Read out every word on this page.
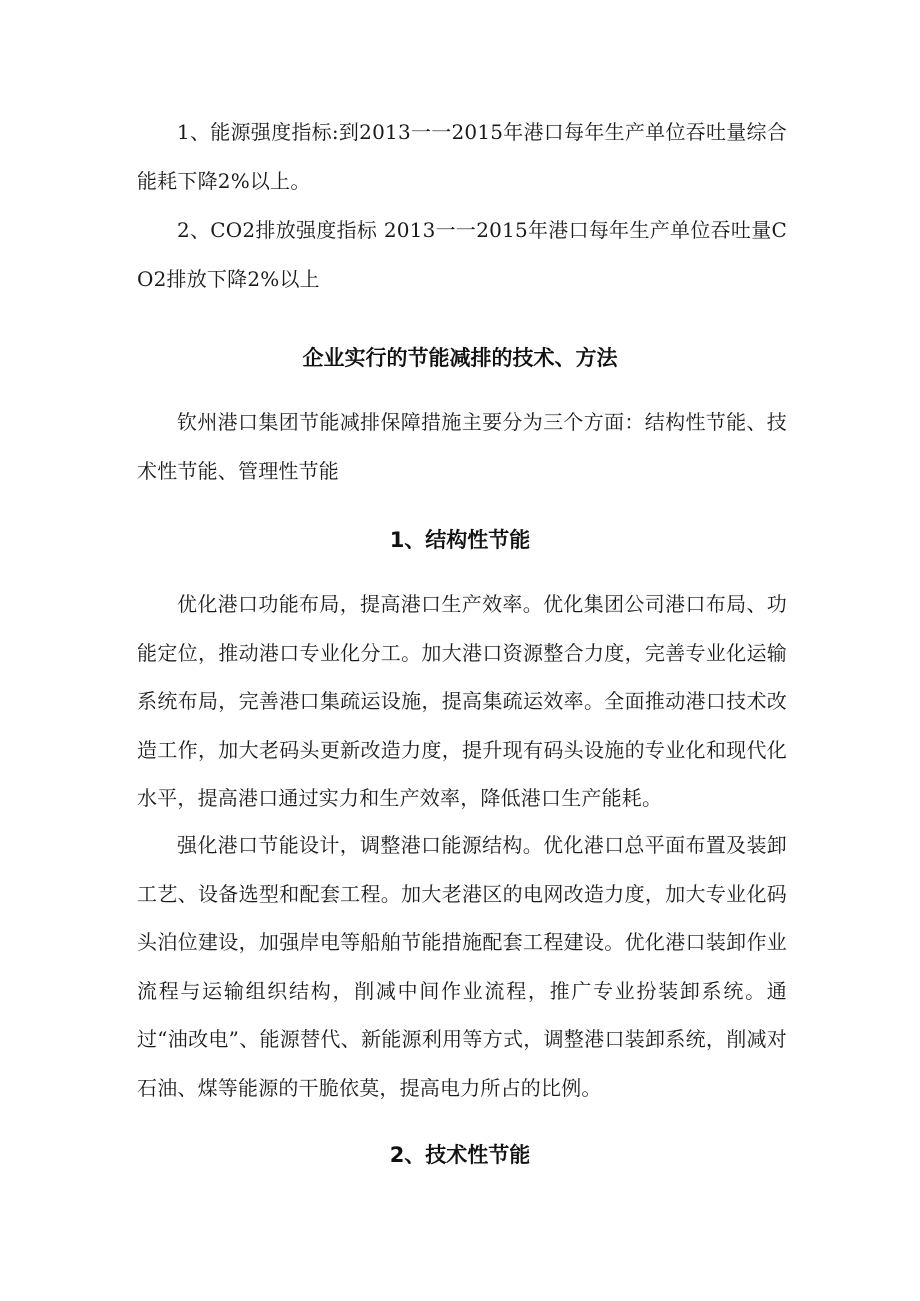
1、能源强度指标:到2013一一2015年港口每年生产单位吞吐量综合能耗下降2%以上。

2、CO2排放强度指标 2013一一2015年港口每年生产单位吞吐量CO2排放下降2%以上

企业实行的节能减排的技术、方法

钦州港口集团节能减排保障措施主要分为三个方面：结构性节能、技术性节能、管理性节能

1、结构性节能

优化港口功能布局，提高港口生产效率。优化集团公司港口布局、功能定位，推动港口专业化分工。加大港口资源整合力度，完善专业化运输系统布局，完善港口集疏运设施，提高集疏运效率。全面推动港口技术改造工作，加大老码头更新改造力度，提升现有码头设施的专业化和现代化水平，提高港口通过实力和生产效率，降低港口生产能耗。

强化港口节能设计，调整港口能源结构。优化港口总平面布置及装卸工艺、设备选型和配套工程。加大老港区的电网改造力度，加大专业化码头泊位建设，加强岸电等船舶节能措施配套工程建设。优化港口装卸作业流程与运输组织结构，削减中间作业流程，推广专业扮装卸系统。通过“油改电”、能源替代、新能源利用等方式，调整港口装卸系统，削减对石油、煤等能源的干脆依莫，提高电力所占的比例。

2、技术性节能
